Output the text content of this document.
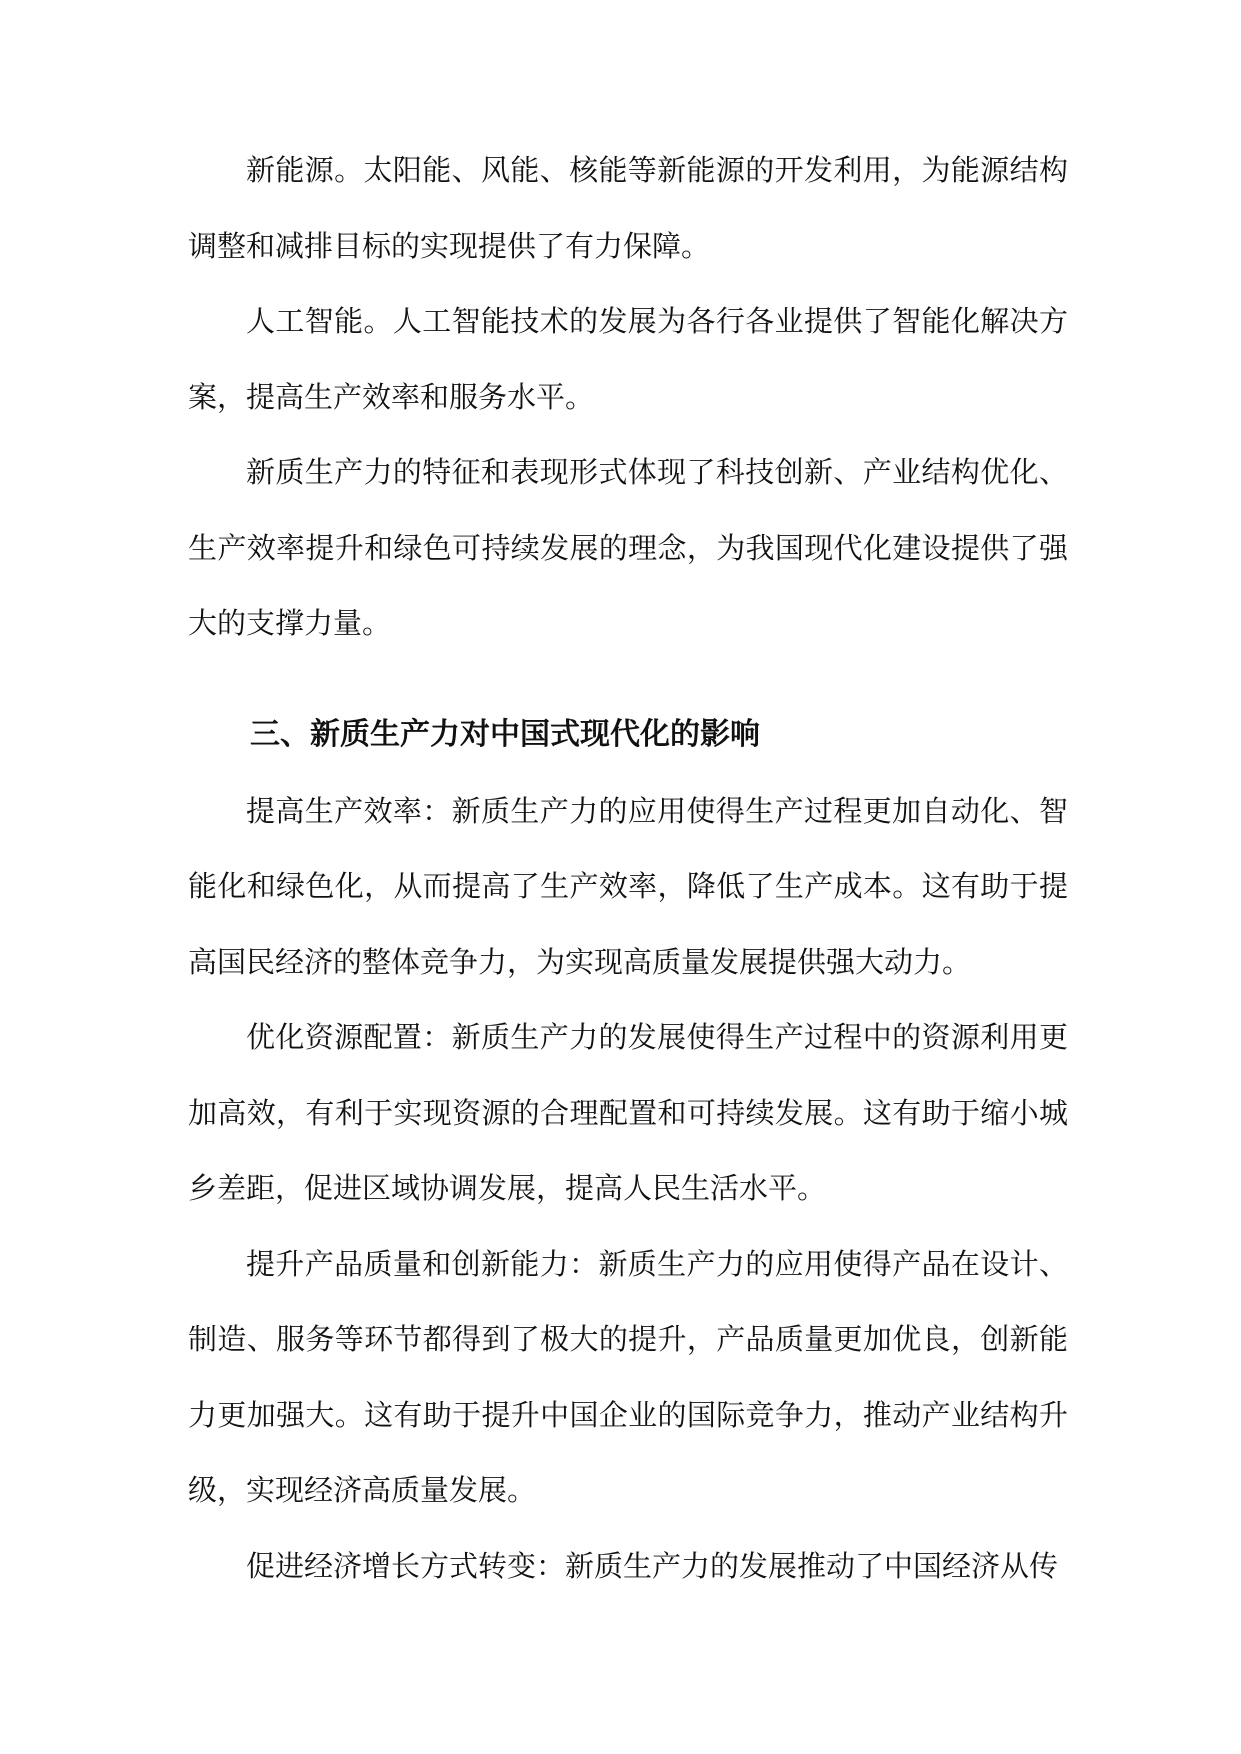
新能源。太阳能、风能、核能等新能源的开发利用，为能源结构调整和减排目标的实现提供了有力保障。

人工智能。人工智能技术的发展为各行各业提供了智能化解决方案，提高生产效率和服务水平。

新质生产力的特征和表现形式体现了科技创新、产业结构优化、生产效率提升和绿色可持续发展的理念，为我国现代化建设提供了强大的支撑力量。

三、新质生产力对中国式现代化的影响

提高生产效率：新质生产力的应用使得生产过程更加自动化、智能化和绿色化，从而提高了生产效率，降低了生产成本。这有助于提高国民经济的整体竞争力，为实现高质量发展提供强大动力。

优化资源配置：新质生产力的发展使得生产过程中的资源利用更加高效，有利于实现资源的合理配置和可持续发展。这有助于缩小城乡差距，促进区域协调发展，提高人民生活水平。

提升产品质量和创新能力：新质生产力的应用使得产品在设计、制造、服务等环节都得到了极大的提升，产品质量更加优良，创新能力更加强大。这有助于提升中国企业的国际竞争力，推动产业结构升级，实现经济高质量发展。

促进经济增长方式转变：新质生产力的发展推动了中国经济从传
